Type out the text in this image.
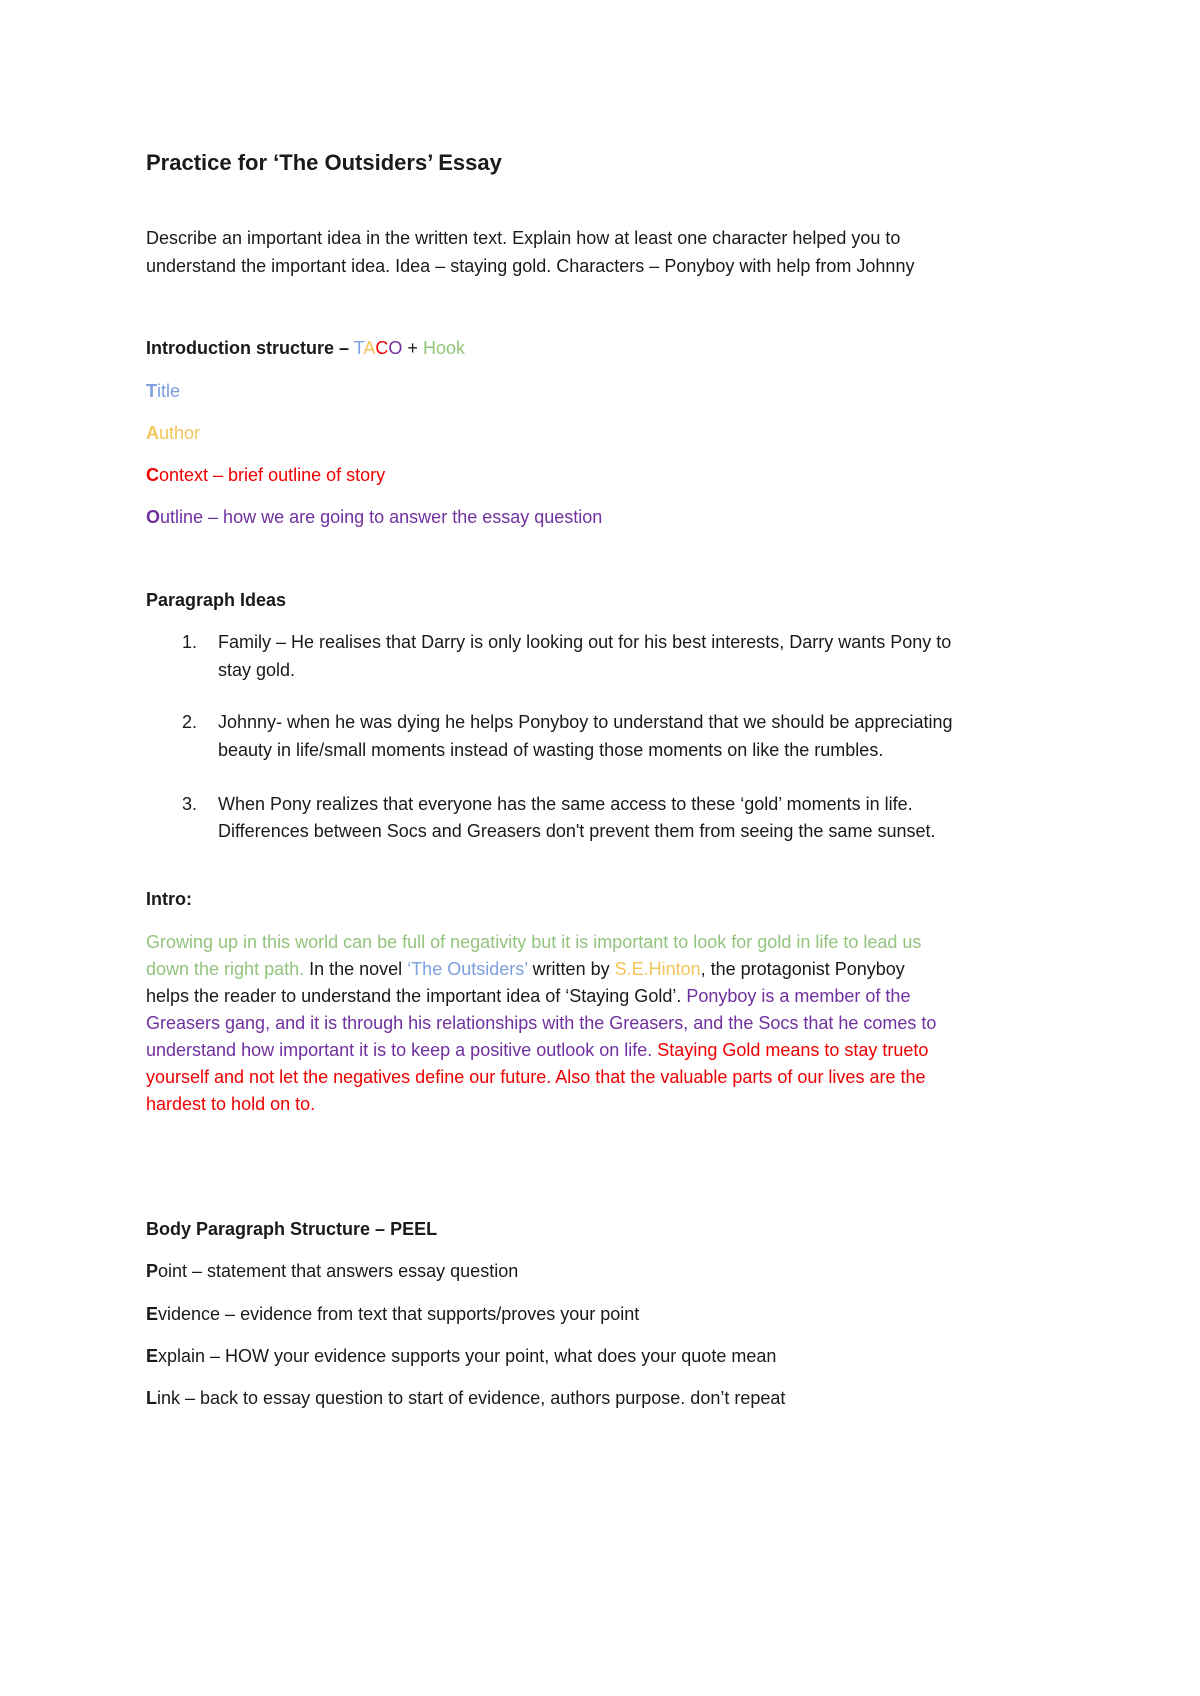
Practice for ‘The Outsiders’ Essay
Describe an important idea in the written text. Explain how at least one character helped you to
understand the important idea. Idea – staying gold. Characters – Ponyboy with help from Johnny
Introduction structure – TACO + Hook
Title
Author
Context – brief outline of story
Outline – how we are going to answer the essay question
Paragraph Ideas
1.	Family – He realises that Darry is only looking out for his best interests, Darry wants Pony to
stay gold.
2.	Johnny- when he was dying he helps Ponyboy to understand that we should be appreciating
beauty in life/small moments instead of wasting those moments on like the rumbles.
3.	When Pony realizes that everyone has the same access to these ‘gold’ moments in life.
Differences between Socs and Greasers don't prevent them from seeing the same sunset.
Intro:
Growing up in this world can be full of negativity but it is important to look for gold in life to lead us
down the right path. In the novel ‘The Outsiders’ written by S.E.Hinton, the protagonist Ponyboy
helps the reader to understand the important idea of ‘Staying Gold’. Ponyboy is a member of the
Greasers gang, and it is through his relationships with the Greasers, and the Socs that he comes to
understand how important it is to keep a positive outlook on life. Staying Gold means to stay trueto
yourself and not let the negatives define our future. Also that the valuable parts of our lives are the
hardest to hold on to.
Body Paragraph Structure – PEEL
Point – statement that answers essay question
Evidence – evidence from text that supports/proves your point
Explain – HOW your evidence supports your point, what does your quote mean
Link – back to essay question to start of evidence, authors purpose. don’t repeat
